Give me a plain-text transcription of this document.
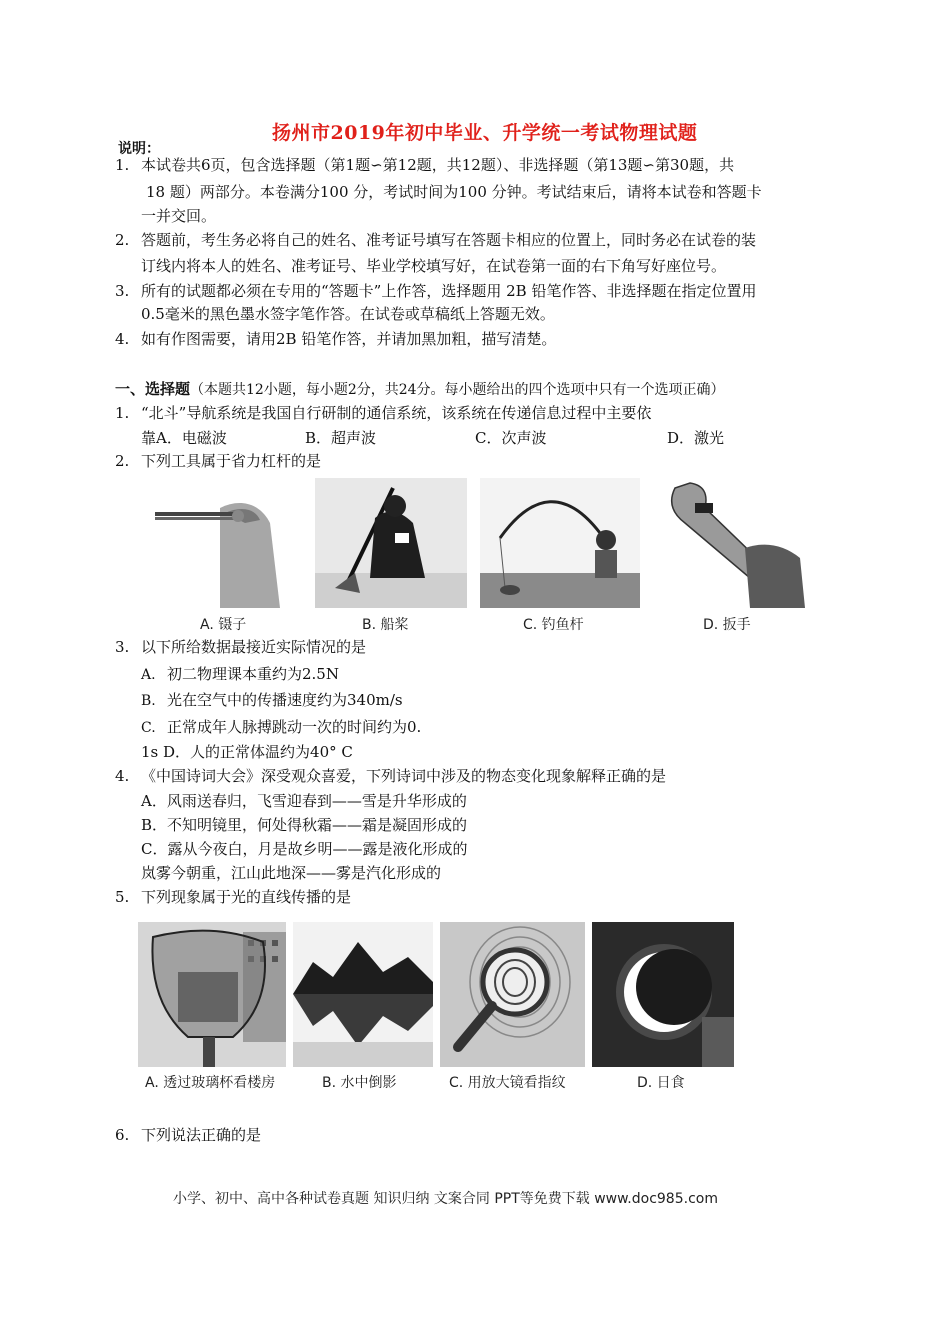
说明：
扬州市2019年初中毕业、升学统一考试物理试题
1. 本试卷共6页，包含选择题（第1题∽第12题，共12题）、非选择题（第13题∽第30题，共
18 题）两部分。本卷满分100 分，考试时间为100 分钟。考试结束后，请将本试卷和答题卡
一并交回。
2. 答题前，考生务必将自己的姓名、准考证号填写在答题卡相应的位置上，同时务必在试卷的装
订线内将本人的姓名、准考证号、毕业学校填写好，在试卷第一面的右下角写好座位号。
3. 所有的试题都必须在专用的“答题卡”上作答，选择题用 2B 铅笔作答、非选择题在指定位置用
0.5毫米的黑色墨水签字笔作答。在试卷或草稿纸上答题无效。
4. 如有作图需要，请用2B 铅笔作答，并请加黑加粗，描写清楚。
一、选择题（本题共12小题，每小题2分，共24分。每小题给出的四个选项中只有一个选项正确）
1. “北斗”导航系统是我国自行研制的通信系统，该系统在传递信息过程中主要依
靠A．电磁波	B．超声波	C．次声波	D．激光
2. 下列工具属于省力杠杆的是
A. 镊子	B. 船桨	C. 钓鱼杆	D. 扳手
3. 以下所给数据最接近实际情况的是
A. 初二物理课本重约为2.5N
B. 光在空气中的传播速度约为340m/s
C. 正常成年人脉搏跳动一次的时间约为0.
1s D．人的正常体温约为40° C
4. 《中国诗词大会》深受观众喜爱，下列诗词中涉及的物态变化现象解释正确的是
A．风雨送春归，飞雪迎春到——雪是升华形成的
B．不知明镜里，何处得秋霜——霜是凝固形成的
C．露从今夜白，月是故乡明——露是液化形成的
岚雾今朝重，江山此地深——雾是汽化形成的
5. 下列现象属于光的直线传播的是
A. 透过玻璃杯看楼房	B. 水中倒影	C. 用放大镜看指纹	D. 日食
6. 下列说法正确的是
小学、初中、高中各种试卷真题 知识归纳 文案合同 PPT等免费下载 www.doc985.com
